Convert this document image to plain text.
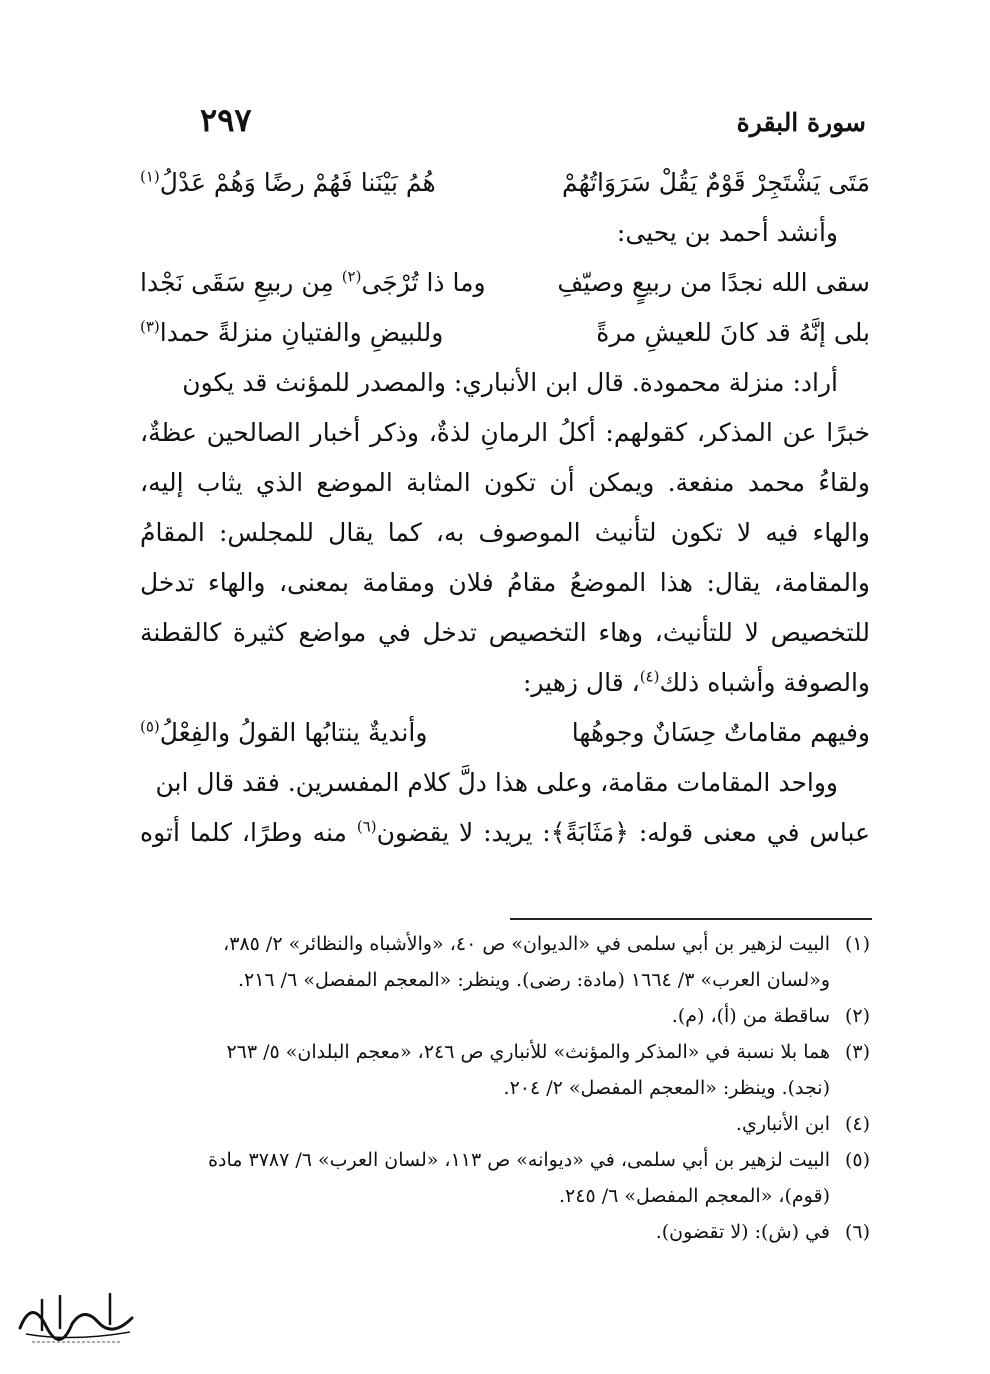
سورة البقرة
٢٩٧
مَتَى يَشْتَجِرْ قَوْمٌ يَقُلْ سَرَوَاتُهُمْ
هُمُ بَيْنَنا فَهُمْ رضًا وَهُمْ عَدْلُ$^{(١)}$
وأنشد أحمد بن يحيى:
سقى الله نجدًا من ربيعٍ وصيّفِ
وما ذا تُرْجَى$^{(٢)}$ مِن ربيعِ سَقَى نَجْدا
بلى إنَّهُ قد كانَ للعيشِ مرةً
وللبيضِ والفتيانِ منزلةً حمدا$^{(٣)}$
أراد: منزلة محمودة. قال ابن الأنباري: والمصدر للمؤنث قد يكون
خبرًا عن المذكر، كقولهم: أكلُ الرمانِ لذةٌ، وذكر أخبار الصالحين عظةٌ،
ولقاءُ محمد منفعة. ويمكن أن تكون المثابة الموضع الذي يثاب إليه،
والهاء فيه لا تكون لتأنيث الموصوف به، كما يقال للمجلس: المقامُ
والمقامة، يقال: هذا الموضعُ مقامُ فلان ومقامة بمعنى، والهاء تدخل
للتخصيص لا للتأنيث، وهاء التخصيص تدخل في مواضع كثيرة كالقطنة
والصوفة وأشباه ذلك$^{(٤)}$، قال زهير:
وفيهم مقاماتٌ حِسَانٌ وجوهُها
وأنديةٌ ينتابُها القولُ والفِعْلُ$^{(٥)}$
وواحد المقامات مقامة، وعلى هذا دلَّ كلام المفسرين. فقد قال ابن
عباس في معنى قوله: ﴿مَثَابَةً﴾: يريد: لا يقضون$^{(٦)}$ منه وطرًا، كلما أتوه
(١)
البيت لزهير بن أبي سلمى في «الديوان» ص ٤٠، «والأشباه والنظائر» ٢/ ٣٨٥،
و«لسان العرب» ٣/ ١٦٦٤ (مادة: رضى). وينظر: «المعجم المفصل» ٦/ ٢١٦.
(٢)
ساقطة من (أ)، (م).
(٣)
هما بلا نسبة في «المذكر والمؤنث» للأنباري ص ٢٤٦، «معجم البلدان» ٥/ ٢٦٣
(نجد). وينظر: «المعجم المفصل» ٢/ ٢٠٤.
(٤)
ابن الأنباري.
(٥)
البيت لزهير بن أبي سلمى، في «ديوانه» ص ١١٣، «لسان العرب» ٦/ ٣٧٨٧ مادة
(قوم)، «المعجم المفصل» ٦/ ٢٤٥.
(٦)
في (ش): (لا تقضون).
